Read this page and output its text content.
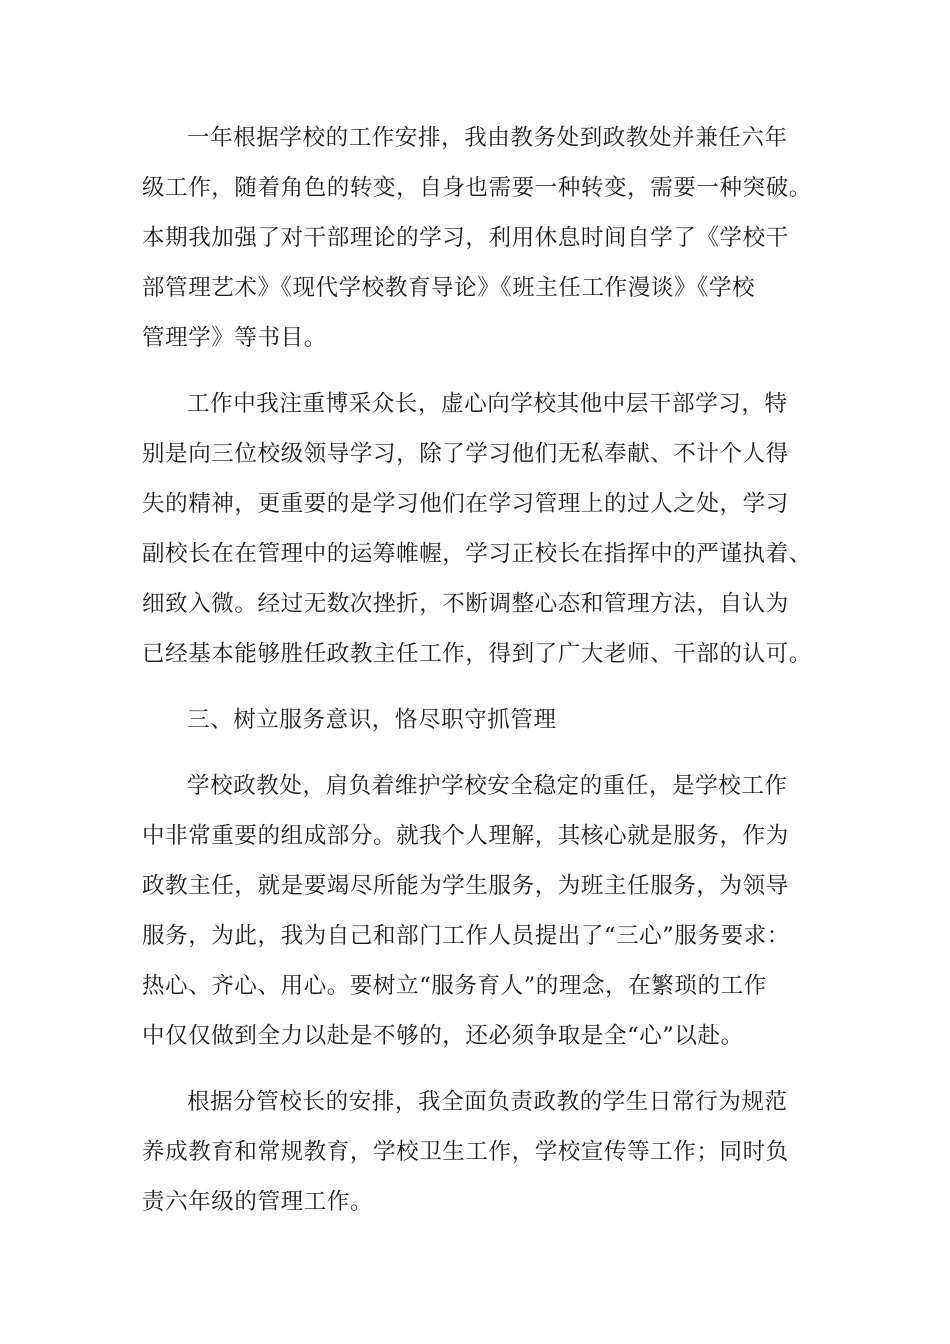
一年根据学校的工作安排，我由教务处到政教处并兼任六年
级工作，随着角色的转变，自身也需要一种转变，需要一种突破。
本期我加强了对干部理论的学习，利用休息时间自学了《学校干
部管理艺术》《现代学校教育导论》《班主任工作漫谈》《学校
管理学》等书目。
工作中我注重博采众长，虚心向学校其他中层干部学习，特
别是向三位校级领导学习，除了学习他们无私奉献、不计个人得
失的精神，更重要的是学习他们在学习管理上的过人之处，学习
副校长在在管理中的运筹帷幄，学习正校长在指挥中的严谨执着、
细致入微。经过无数次挫折，不断调整心态和管理方法，自认为
已经基本能够胜任政教主任工作，得到了广大老师、干部的认可。
三、树立服务意识，恪尽职守抓管理
学校政教处，肩负着维护学校安全稳定的重任，是学校工作
中非常重要的组成部分。就我个人理解，其核心就是服务，作为
政教主任，就是要竭尽所能为学生服务，为班主任服务，为领导
服务，为此，我为自己和部门工作人员提出了“三心”服务要求：
热心、齐心、用心。要树立“服务育人”的理念，在繁琐的工作
中仅仅做到全力以赴是不够的，还必须争取是全“心”以赴。
根据分管校长的安排，我全面负责政教的学生日常行为规范
养成教育和常规教育，学校卫生工作，学校宣传等工作；同时负
责六年级的管理工作。
